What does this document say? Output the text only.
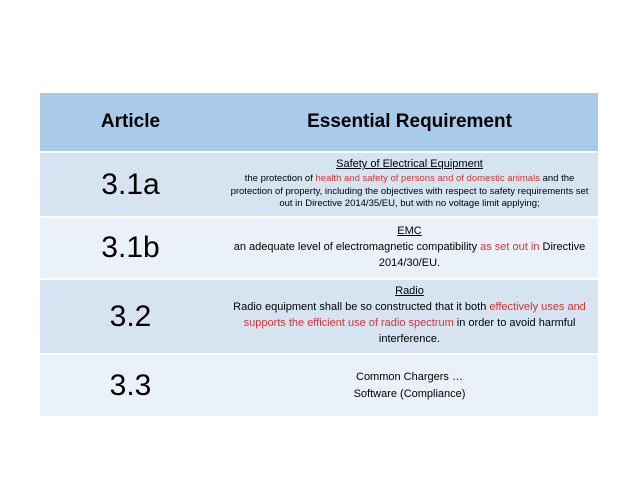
Article	Essential Requirement
3.1a	Safety of Electrical Equipment
the protection of health and safety of persons and of domestic animals and the protection of property, including the objectives with respect to safety requirements set out in Directive 2014/35/EU, but with no voltage limit applying;

3.1b	EMC
an adequate level of electromagnetic compatibility as set out in Directive 2014/30/EU.

3.2	Radio
Radio equipment shall be so constructed that it both effectively uses and supports the efficient use of radio spectrum in order to avoid harmful interference.

3.3	Common Chargers …
Software (Compliance)
